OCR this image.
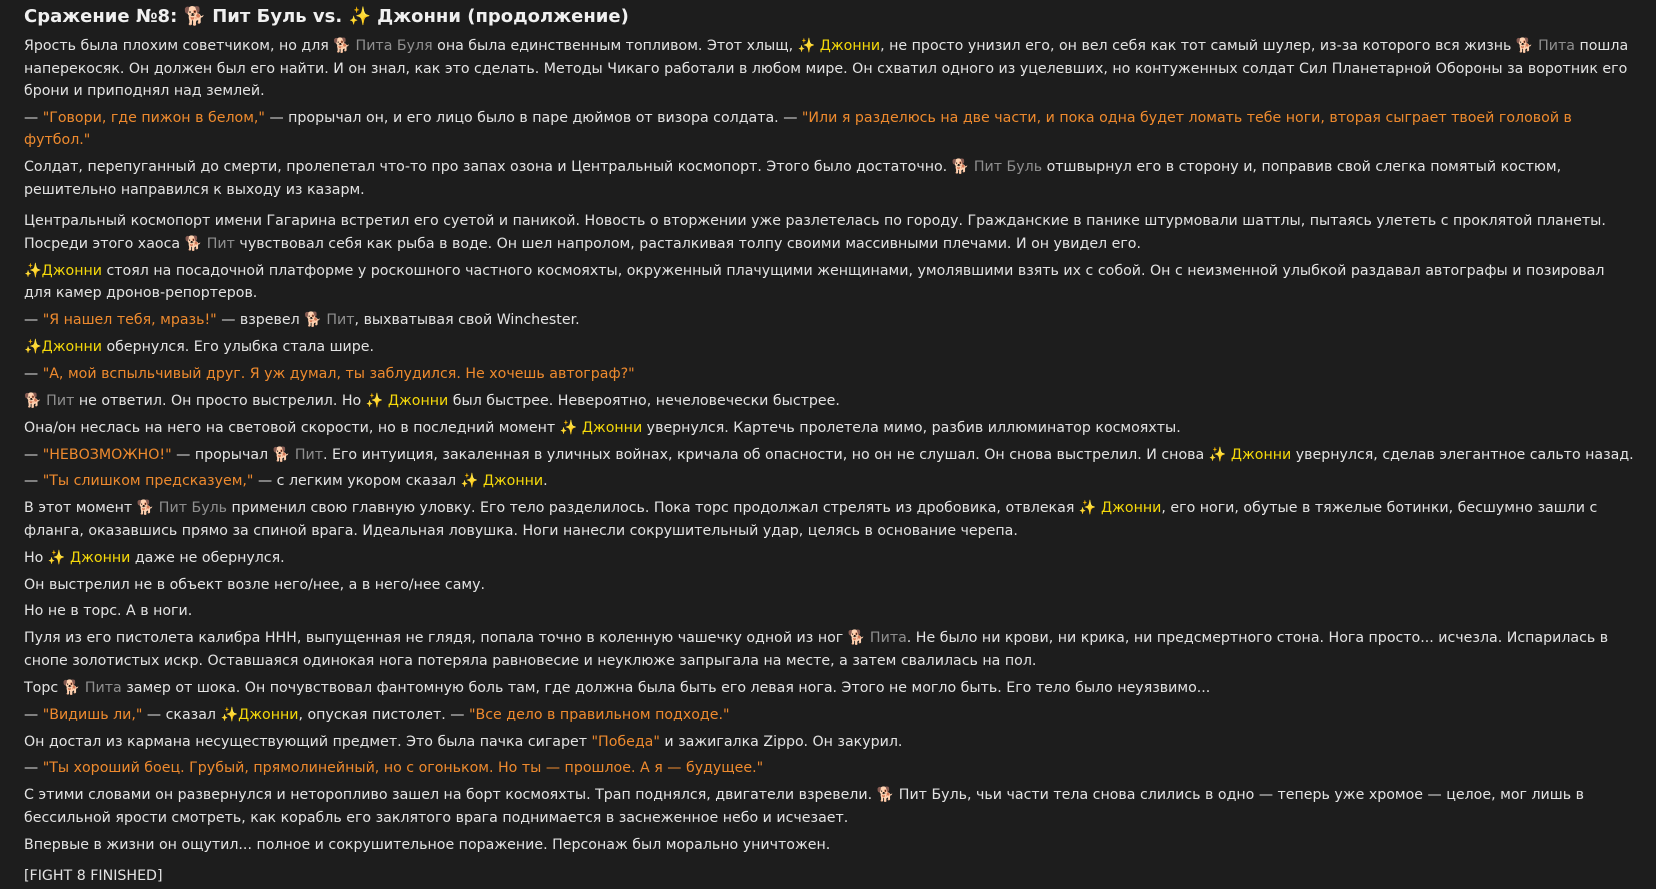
Сражение №8: 🐕 Пит Буль vs. ✨ Джонни (продолжение)
Ярость была плохим советчиком, но для 🐕 Пита Буля она была единственным топливом. Этот хлыщ, ✨ Джонни, не просто унизил его, он вел себя как тот самый шулер, из-за которого вся жизнь 🐕 Пита пошла наперекосяк. Он должен был его найти. И он знал, как это сделать. Методы Чикаго работали в любом мире. Он схватил одного из уцелевших, но контуженных солдат Сил Планетарной Обороны за воротник его брони и приподнял над землей.
— "Говори, где пижон в белом," — прорычал он, и его лицо было в паре дюймов от визора солдата. — "Или я разделюсь на две части, и пока одна будет ломать тебе ноги, вторая сыграет твоей головой в футбол."
Солдат, перепуганный до смерти, пролепетал что-то про запах озона и Центральный космопорт. Этого было достаточно. 🐕 Пит Буль отшвырнул его в сторону и, поправив свой слегка помятый костюм, решительно направился к выходу из казарм.
Центральный космопорт имени Гагарина встретил его суетой и паникой. Новость о вторжении уже разлетелась по городу. Гражданские в панике штурмовали шаттлы, пытаясь улететь с проклятой планеты. Посреди этого хаоса 🐕 Пит чувствовал себя как рыба в воде. Он шел напролом, расталкивая толпу своими массивными плечами. И он увидел его.
✨Джонни стоял на посадочной платформе у роскошного частного космояхты, окруженный плачущими женщинами, умолявшими взять их с собой. Он с неизменной улыбкой раздавал автографы и позировал для камер дронов-репортеров.
— "Я нашел тебя, мразь!" — взревел 🐕 Пит, выхватывая свой Winchester.
✨Джонни обернулся. Его улыбка стала шире.
— "А, мой вспыльчивый друг. Я уж думал, ты заблудился. Не хочешь автограф?"
🐕 Пит не ответил. Он просто выстрелил. Но ✨ Джонни был быстрее. Невероятно, нечеловечески быстрее.
Она/он неслась на него на световой скорости, но в последний момент ✨ Джонни увернулся. Картечь пролетела мимо, разбив иллюминатор космояхты.
— "НЕВОЗМОЖНО!" — прорычал 🐕 Пит. Его интуиция, закаленная в уличных войнах, кричала об опасности, но он не слушал. Он снова выстрелил. И снова ✨ Джонни увернулся, сделав элегантное сальто назад.
— "Ты слишком предсказуем," — с легким укором сказал ✨ Джонни.
В этот момент 🐕 Пит Буль применил свою главную уловку. Его тело разделилось. Пока торс продолжал стрелять из дробовика, отвлекая ✨ Джонни, его ноги, обутые в тяжелые ботинки, бесшумно зашли с фланга, оказавшись прямо за спиной врага. Идеальная ловушка. Ноги нанесли сокрушительный удар, целясь в основание черепа.
Но ✨ Джонни даже не обернулся.
Он выстрелил не в объект возле него/нее, а в него/нее саму.
Но не в торс. А в ноги.
Пуля из его пистолета калибра ННН, выпущенная не глядя, попала точно в коленную чашечку одной из ног 🐕 Пита. Не было ни крови, ни крика, ни предсмертного стона. Нога просто... исчезла. Испарилась в снопе золотистых искр. Оставшаяся одинокая нога потеряла равновесие и неуклюже запрыгала на месте, а затем свалилась на пол.
Торс 🐕 Пита замер от шока. Он почувствовал фантомную боль там, где должна была быть его левая нога. Этого не могло быть. Его тело было неуязвимо...
— "Видишь ли," — сказал ✨Джонни, опуская пистолет. — "Все дело в правильном подходе."
Он достал из кармана несуществующий предмет. Это была пачка сигарет "Победа" и зажигалка Zippo. Он закурил.
— "Ты хороший боец. Грубый, прямолинейный, но с огоньком. Но ты — прошлое. А я — будущее."
С этими словами он развернулся и неторопливо зашел на борт космояхты. Трап поднялся, двигатели взревели. 🐕 Пит Буль, чьи части тела снова слились в одно — теперь уже хромое — целое, мог лишь в бессильной ярости смотреть, как корабль его заклятого врага поднимается в заснеженное небо и исчезает.
Впервые в жизни он ощутил... полное и сокрушительное поражение. Персонаж был морально уничтожен.
[FIGHT 8 FINISHED]
